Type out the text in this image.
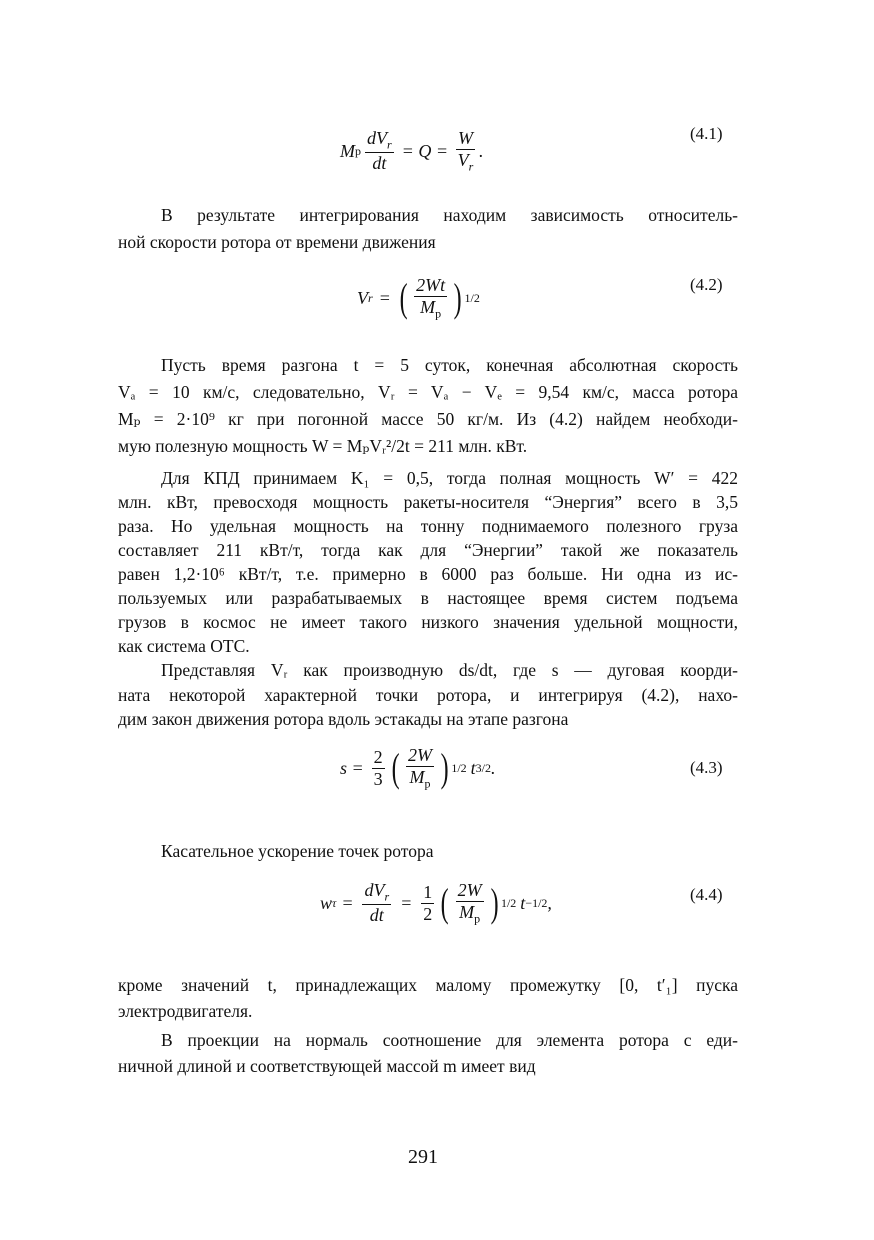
M р $\frac{dV_r}{dt} = Q = \frac{W}{V_r}$ .
(4.1)
В результате интегрирования находим зависимость относитель-
ной скорости ротора от времени движения
V r = ( $\frac{2Wt}{M_р}$ ) 1/2
(4.2)
Пусть время разгона t = 5 суток, конечная абсолютная скорость
Vₐ = 10 км/с, следовательно, Vᵣ = Vₐ − Vₑ = 9,54 км/с, масса ротора
Mₚ = 2·10⁹ кг при погонной массе 50 кг/м. Из (4.2) найдем необходи-
мую полезную мощность W = MₚVᵣ²/2t = 211 млн. кВт.
Для КПД принимаем K₁ = 0,5, тогда полная мощность W′ = 422
млн. кВт, превосходя мощность ракеты-носителя “Энергия” всего в 3,5
раза. Но удельная мощность на тонну поднимаемого полезного груза
составляет 211 кВт/т, тогда как для “Энергии” такой же показатель
равен 1,2·10⁶ кВт/т, т.е. примерно в 6000 раз больше. Ни одна из ис-
пользуемых или разрабатываемых в настоящее время систем подъема
грузов в космос не имеет такого низкого значения удельной мощности,
как система ОТС.
Представляя Vᵣ как производную ds/dt, где s — дуговая коорди-
ната некоторой характерной точки ротора, и интегрируя (4.2), нахо-
дим закон движения ротора вдоль эстакады на этапе разгона
$s = \frac{2}{3}$ ( $\frac{2W}{M_р}$ ) 1/2 t 3/2 .	(4.3)
Касательное ускорение точек ротора
w $\tau = \frac{dV_r}{dt} = \frac{1}{2}$ ( $\frac{2W}{M_р}$ ) 1/2 t −1/2 ,	(4.4)
кроме значений t, принадлежащих малому промежутку [0, t′₁] пуска
электродвигателя.
В проекции на нормаль соотношение для элемента ротора с еди-
ничной длиной и соответствующей массой m имеет вид
291
